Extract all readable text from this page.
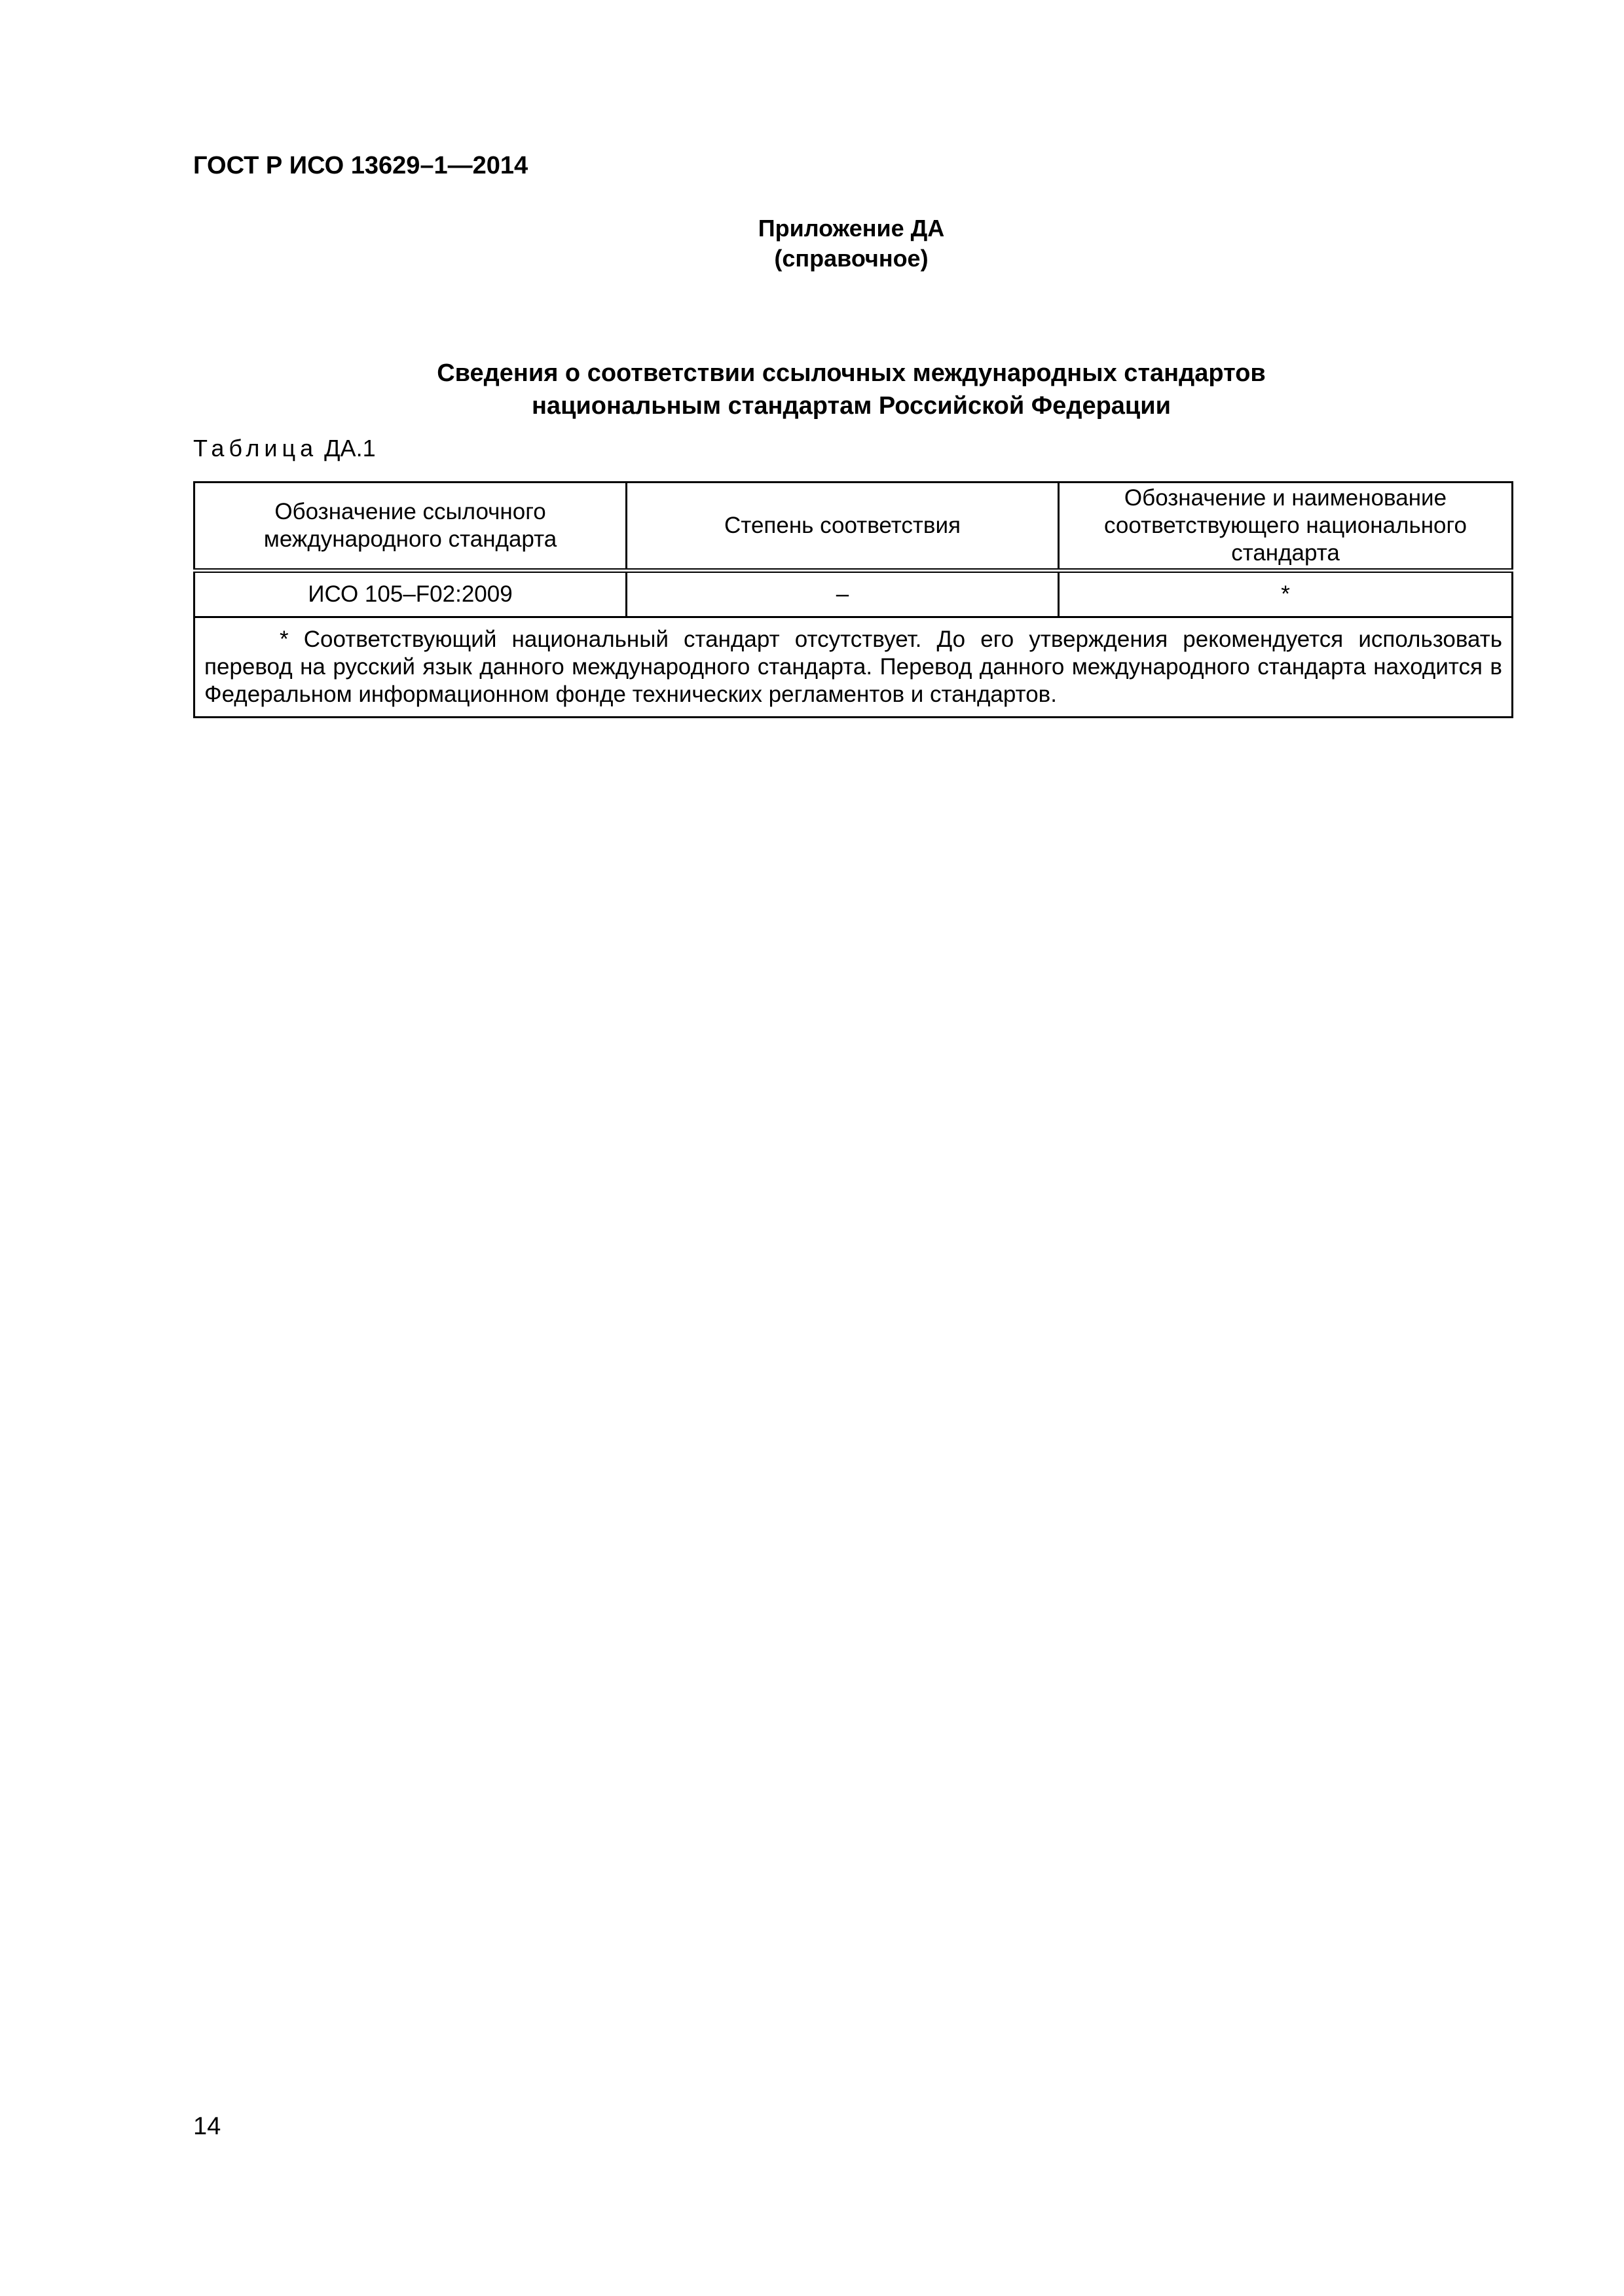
ГОСТ Р ИСО 13629–1—2014
Приложение ДА
(справочное)
Сведения о соответствии ссылочных международных стандартов
национальным стандартам Российской Федерации
Таблица ДА.1
Обозначение ссылочного международного стандарта	Степень соответствия	Обозначение и наименование соответствующего национального стандарта
ИСО 105–F02:2009	–	*

* Соответствующий национальный стандарт отсутствует. До его утверждения рекомендуется использовать перевод на русский язык данного международного стандарта. Перевод данного международного стандарта находится в Федеральном информационном фонде технических регламентов и стандартов.		
14
